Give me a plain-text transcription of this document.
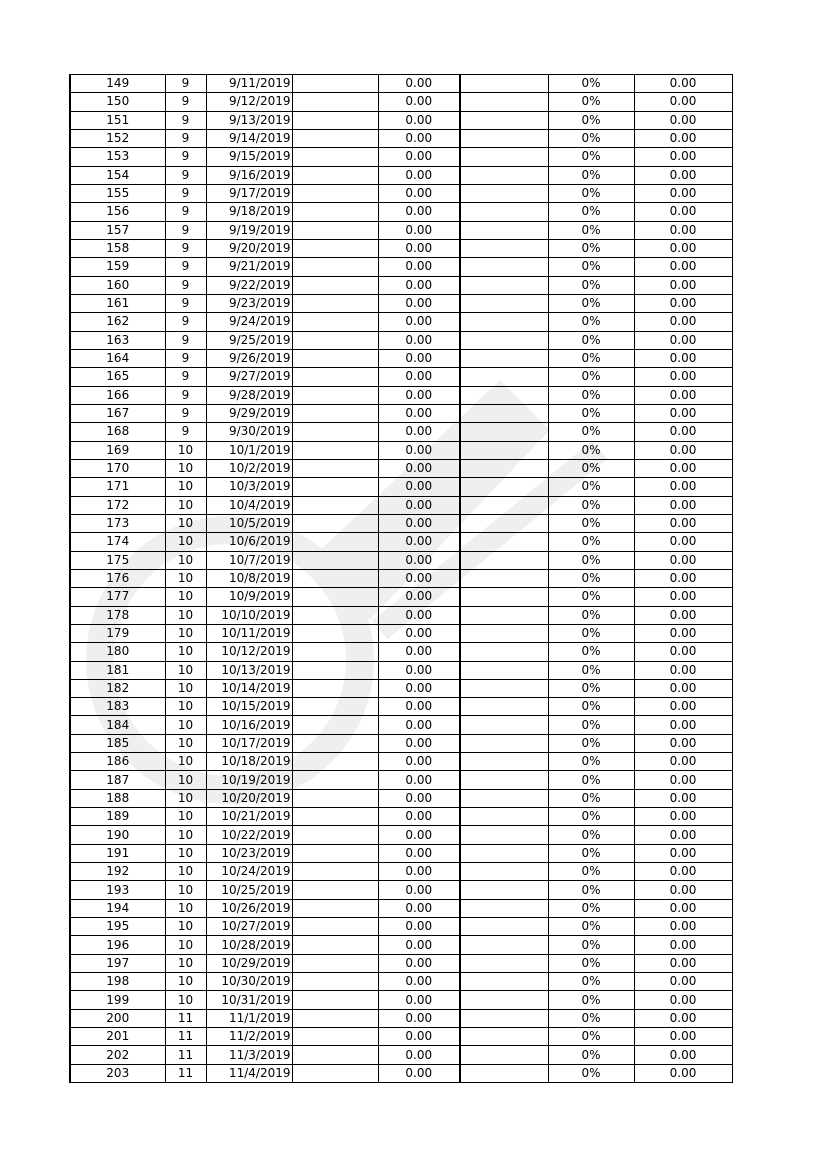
149	9	9/11/2019		0.00		0%	0.00
150	9	9/12/2019		0.00		0%	0.00
151	9	9/13/2019		0.00		0%	0.00
152	9	9/14/2019		0.00		0%	0.00
153	9	9/15/2019		0.00		0%	0.00
154	9	9/16/2019		0.00		0%	0.00
155	9	9/17/2019		0.00		0%	0.00
156	9	9/18/2019		0.00		0%	0.00
157	9	9/19/2019		0.00		0%	0.00
158	9	9/20/2019		0.00		0%	0.00
159	9	9/21/2019		0.00		0%	0.00
160	9	9/22/2019		0.00		0%	0.00
161	9	9/23/2019		0.00		0%	0.00
162	9	9/24/2019		0.00		0%	0.00
163	9	9/25/2019		0.00		0%	0.00
164	9	9/26/2019		0.00		0%	0.00
165	9	9/27/2019		0.00		0%	0.00
166	9	9/28/2019		0.00		0%	0.00
167	9	9/29/2019		0.00		0%	0.00
168	9	9/30/2019		0.00		0%	0.00
169	10	10/1/2019		0.00		0%	0.00
170	10	10/2/2019		0.00		0%	0.00
171	10	10/3/2019		0.00		0%	0.00
172	10	10/4/2019		0.00		0%	0.00
173	10	10/5/2019		0.00		0%	0.00
174	10	10/6/2019		0.00		0%	0.00
175	10	10/7/2019		0.00		0%	0.00
176	10	10/8/2019		0.00		0%	0.00
177	10	10/9/2019		0.00		0%	0.00
178	10	10/10/2019		0.00		0%	0.00
179	10	10/11/2019		0.00		0%	0.00
180	10	10/12/2019		0.00		0%	0.00
181	10	10/13/2019		0.00		0%	0.00
182	10	10/14/2019		0.00		0%	0.00
183	10	10/15/2019		0.00		0%	0.00
184	10	10/16/2019		0.00		0%	0.00
185	10	10/17/2019		0.00		0%	0.00
186	10	10/18/2019		0.00		0%	0.00
187	10	10/19/2019		0.00		0%	0.00
188	10	10/20/2019		0.00		0%	0.00
189	10	10/21/2019		0.00		0%	0.00
190	10	10/22/2019		0.00		0%	0.00
191	10	10/23/2019		0.00		0%	0.00
192	10	10/24/2019		0.00		0%	0.00
193	10	10/25/2019		0.00		0%	0.00
194	10	10/26/2019		0.00		0%	0.00
195	10	10/27/2019		0.00		0%	0.00
196	10	10/28/2019		0.00		0%	0.00
197	10	10/29/2019		0.00		0%	0.00
198	10	10/30/2019		0.00		0%	0.00
199	10	10/31/2019		0.00		0%	0.00
200	11	11/1/2019		0.00		0%	0.00
201	11	11/2/2019		0.00		0%	0.00
202	11	11/3/2019		0.00		0%	0.00
203	11	11/4/2019		0.00		0%	0.00
